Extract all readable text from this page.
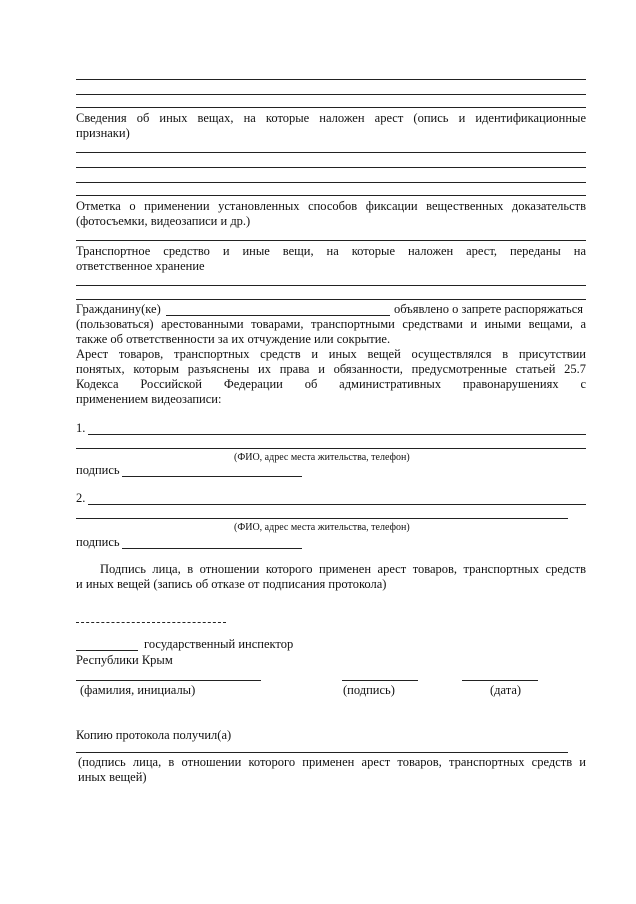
Сведения об иных вещах, на которые наложен арест (опись и идентификационные
признаки)
Отметка о применении установленных способов фиксации вещественных доказательств
(фотосъемки, видеозаписи и др.)
Транспортное средство и иные вещи, на которые наложен арест, переданы на
ответственное хранение
Гражданину(ке)	объявлено о запрете распоряжаться
(пользоваться) арестованными товарами, транспортными средствами и иными вещами, а
также об ответственности за их отчуждение или сокрытие.
Арест товаров, транспортных средств и иных вещей осуществлялся в присутствии
понятых, которым разъяснены их права и обязанности, предусмотренные статьей 25.7
Кодекса Российской Федерации об административных правонарушениях с
применением видеозаписи:
1.
(ФИО, адрес места жительства, телефон)
подпись
2.
(ФИО, адрес места жительства, телефон)
подпись
Подпись лица, в отношении которого применен арест товаров, транспортных средств
и иных вещей (запись об отказе от подписания протокола)
государственный инспектор
Республики Крым
(фамилия, инициалы)	(подпись)	(дата)
Копию протокола получил(а)
(подпись лица, в отношении которого применен арест товаров, транспортных средств и
иных вещей)
